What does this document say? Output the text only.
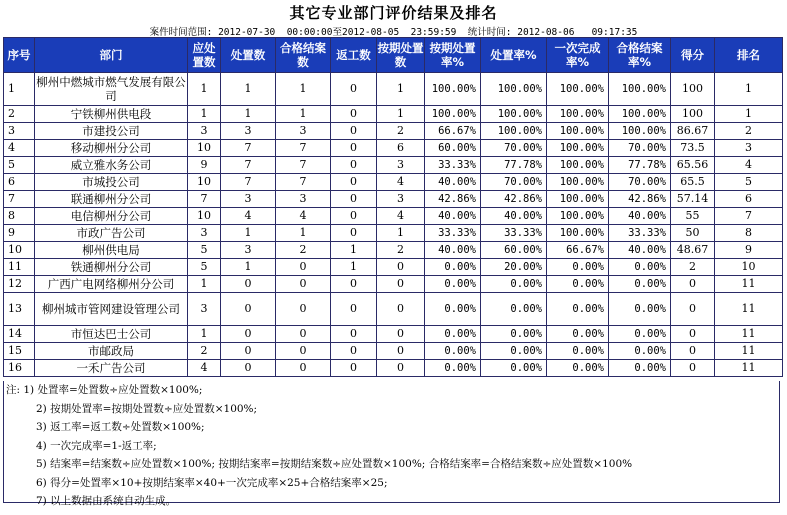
其它专业部门评价结果及排名
案件时间范围: 2012-07-30  00:00:00至2012-08-05  23:59:59  统计时间: 2012-08-06   09:17:35
序号	部门	应处置数	处置数	合格结案数	返工数	按期处置数	按期处置率%	处置率%	一次完成率%	合格结案率%	得分	排名
1	柳州中燃城市燃气发展有限公司	1	1	1	0	1	100.00%	100.00%	100.00%	100.00%	100	1
2	宁铁柳州供电段	1	1	1	0	1	100.00%	100.00%	100.00%	100.00%	100	1
3	市建投公司	3	3	3	0	2	66.67%	100.00%	100.00%	100.00%	86.67	2
4	移动柳州分公司	10	7	7	0	6	60.00%	70.00%	100.00%	70.00%	73.5	3
5	威立雅水务公司	9	7	7	0	3	33.33%	77.78%	100.00%	77.78%	65.56	4
6	市城投公司	10	7	7	0	4	40.00%	70.00%	100.00%	70.00%	65.5	5
7	联通柳州分公司	7	3	3	0	3	42.86%	42.86%	100.00%	42.86%	57.14	6
8	电信柳州分公司	10	4	4	0	4	40.00%	40.00%	100.00%	40.00%	55	7
9	市政广告公司	3	1	1	0	1	33.33%	33.33%	100.00%	33.33%	50	8
10	柳州供电局	5	3	2	1	2	40.00%	60.00%	66.67%	40.00%	48.67	9
11	铁通柳州分公司	5	1	0	1	0	0.00%	20.00%	0.00%	0.00%	2	10
12	广西广电网络柳州分公司	1	0	0	0	0	0.00%	0.00%	0.00%	0.00%	0	11
13	柳州城市管网建设管理公司	3	0	0	0	0	0.00%	0.00%	0.00%	0.00%	0	11
14	市恒达巴士公司	1	0	0	0	0	0.00%	0.00%	0.00%	0.00%	0	11
15	市邮政局	2	0	0	0	0	0.00%	0.00%	0.00%	0.00%	0	11
16	一禾广告公司	4	0	0	0	0	0.00%	0.00%	0.00%	0.00%	0	11
注: 1) 处置率=处置数÷应处置数×100%;
2) 按期处置率=按期处置数÷应处置数×100%;
3) 返工率=返工数÷处置数×100%;
4) 一次完成率=1-返工率;
5) 结案率=结案数÷应处置数×100%; 按期结案率=按期结案数÷应处置数×100%; 合格结案率=合格结案数÷应处置数×100%
6) 得分=处置率×10+按期结案率×40+一次完成率×25+合格结案率×25;
7) 以上数据由系统自动生成。
